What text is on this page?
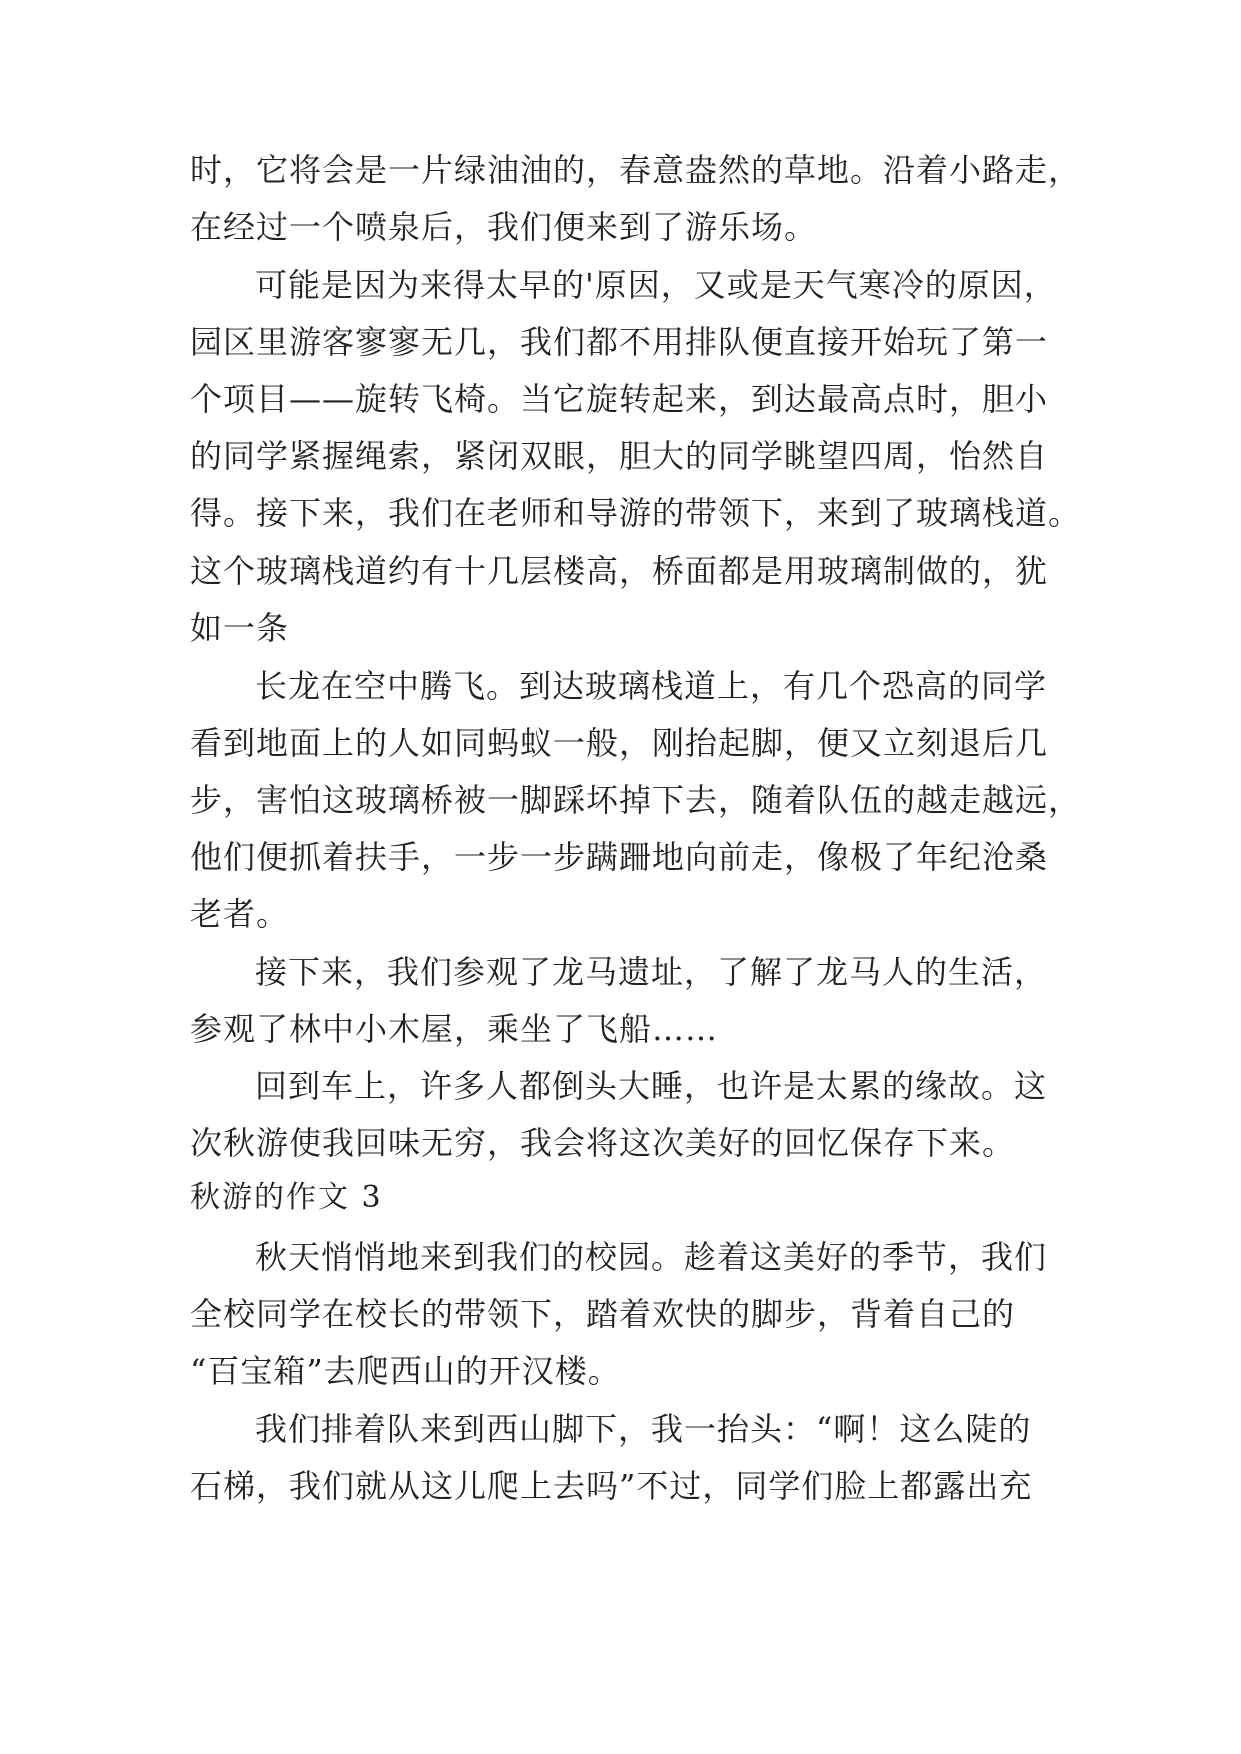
时，它将会是一片绿油油的，春意盎然的草地。沿着小路走，
在经过一个喷泉后，我们便来到了游乐场。
可能是因为来得太早的'原因，又或是天气寒冷的原因，
园区里游客寥寥无几，我们都不用排队便直接开始玩了第一
个项目——旋转飞椅。当它旋转起来，到达最高点时，胆小
的同学紧握绳索，紧闭双眼，胆大的同学眺望四周，怡然自
得。接下来，我们在老师和导游的带领下，来到了玻璃栈道。
这个玻璃栈道约有十几层楼高，桥面都是用玻璃制做的，犹
如一条
长龙在空中腾飞。到达玻璃栈道上，有几个恐高的同学
看到地面上的人如同蚂蚁一般，刚抬起脚，便又立刻退后几
步，害怕这玻璃桥被一脚踩坏掉下去，随着队伍的越走越远，
他们便抓着扶手，一步一步蹒跚地向前走，像极了年纪沧桑
老者。
接下来，我们参观了龙马遗址，了解了龙马人的生活，
参观了林中小木屋，乘坐了飞船……
回到车上，许多人都倒头大睡，也许是太累的缘故。这
次秋游使我回味无穷，我会将这次美好的回忆保存下来。
秋游的作文 3
秋天悄悄地来到我们的校园。趁着这美好的季节，我们
全校同学在校长的带领下，踏着欢快的脚步，背着自己的
“百宝箱”去爬西山的开汉楼。
我们排着队来到西山脚下，我一抬头：“啊！这么陡的
石梯，我们就从这儿爬上去吗”不过，同学们脸上都露出充
